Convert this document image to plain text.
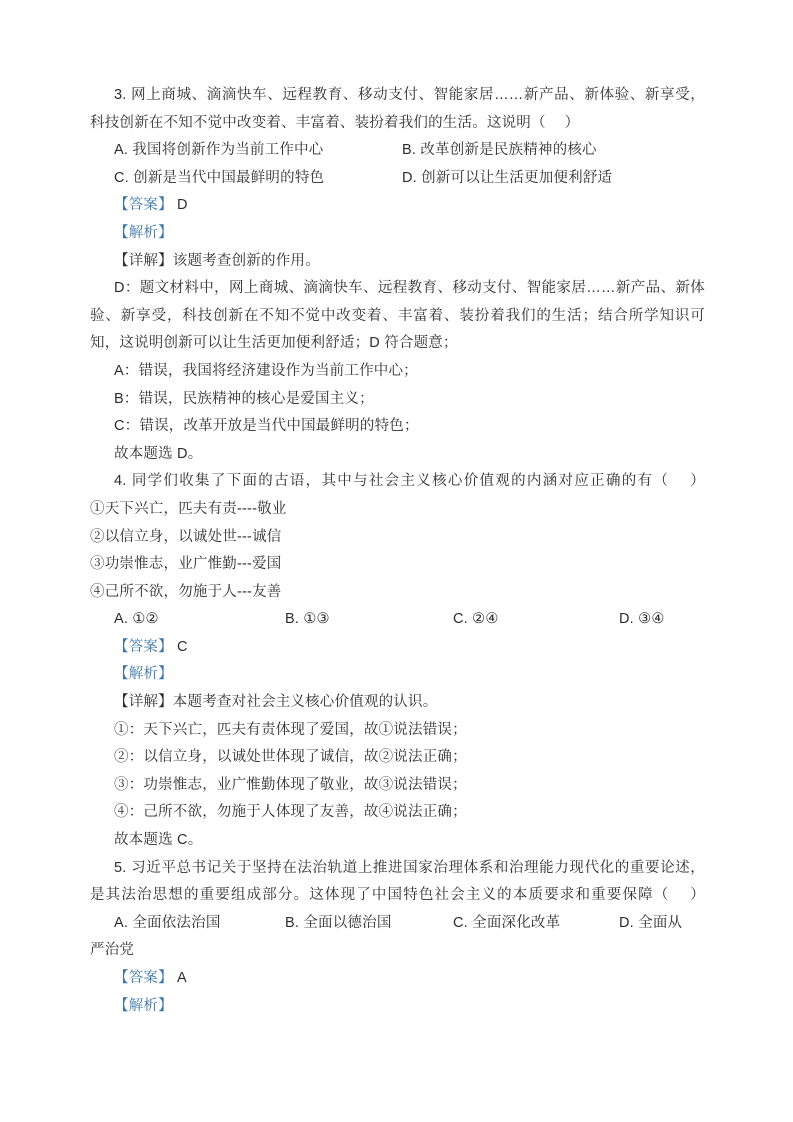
3. 网上商城、滴滴快车、远程教育、移动支付、智能家居……新产品、新体验、新享受，
科技创新在不知不觉中改变着、丰富着、装扮着我们的生活。这说明（　 ）
A. 我国将创新作为当前工作中心	B. 改革创新是民族精神的核心
C. 创新是当代中国最鲜明的特色	D. 创新可以让生活更加便利舒适
【答案】 D
【解析】
【详解】该题考查创新的作用。
D：题文材料中，网上商城、滴滴快车、远程教育、移动支付、智能家居……新产品、新体
验、新享受，科技创新在不知不觉中改变着、丰富着、装扮着我们的生活；结合所学知识可
知，这说明创新可以让生活更加便利舒适；D 符合题意；
A：错误，我国将经济建设作为当前工作中心；
B：错误，民族精神的核心是爱国主义；
C：错误，改革开放是当代中国最鲜明的特色；
故本题选 D。
4. 同学们收集了下面的古语，其中与社会主义核心价值观的内涵对应正确的有（　 ）
①天下兴亡，匹夫有责----敬业
②以信立身，以诚处世---诚信
③功崇惟志，业广惟勤---爱国
④己所不欲，勿施于人---友善
A. ①②	B. ①③	C. ②④	D. ③④
【答案】 C
【解析】
【详解】本题考查对社会主义核心价值观的认识。
①：天下兴亡，匹夫有责体现了爱国，故①说法错误；
②：以信立身，以诚处世体现了诚信，故②说法正确；
③：功崇惟志，业广惟勤体现了敬业，故③说法错误；
④：己所不欲，勿施于人体现了友善，故④说法正确；
故本题选 C。
5. 习近平总书记关于坚持在法治轨道上推进国家治理体系和治理能力现代化的重要论述，
是其法治思想的重要组成部分。这体现了中国特色社会主义的本质要求和重要保障（　 ）
A. 全面依法治国	B. 全面以德治国	C. 全面深化改革	D. 全面从
严治党
【答案】 A
【解析】
